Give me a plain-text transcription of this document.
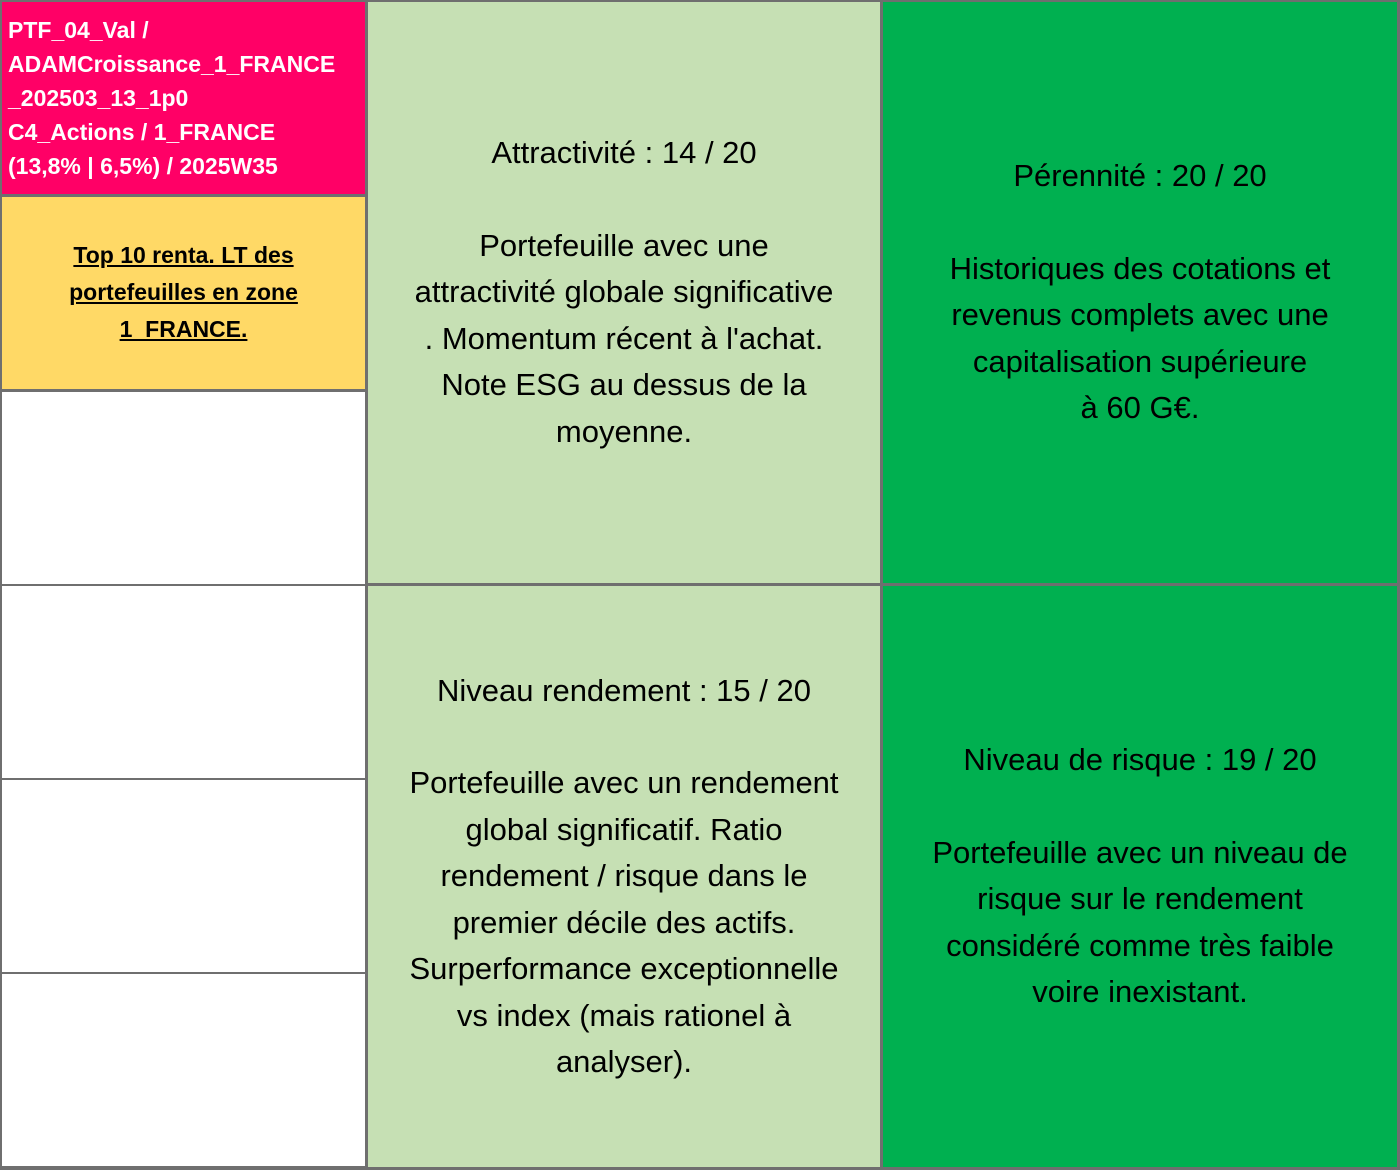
PTF_04_Val /
ADAMCroissance_1_FRANCE
_202503_13_1p0
C4_Actions / 1_FRANCE
(13,8% | 6,5%) / 2025W35
Top 10 renta. LT des
portefeuilles en zone
1_FRANCE.
Attractivité : 14 / 20
Portefeuille avec une
attractivité globale significative
. Momentum récent à l'achat.
Note ESG au dessus de la
moyenne.
Pérennité : 20 / 20
Historiques des cotations et
revenus complets avec une
capitalisation supérieure
à 60 G€.
Niveau rendement : 15 / 20
Portefeuille avec un rendement
global significatif. Ratio
rendement / risque dans le
premier décile des actifs.
Surperformance exceptionnelle
vs index (mais rationel à
analyser).
Niveau de risque : 19 / 20
Portefeuille avec un niveau de
risque sur le rendement
considéré comme très faible
voire inexistant.
